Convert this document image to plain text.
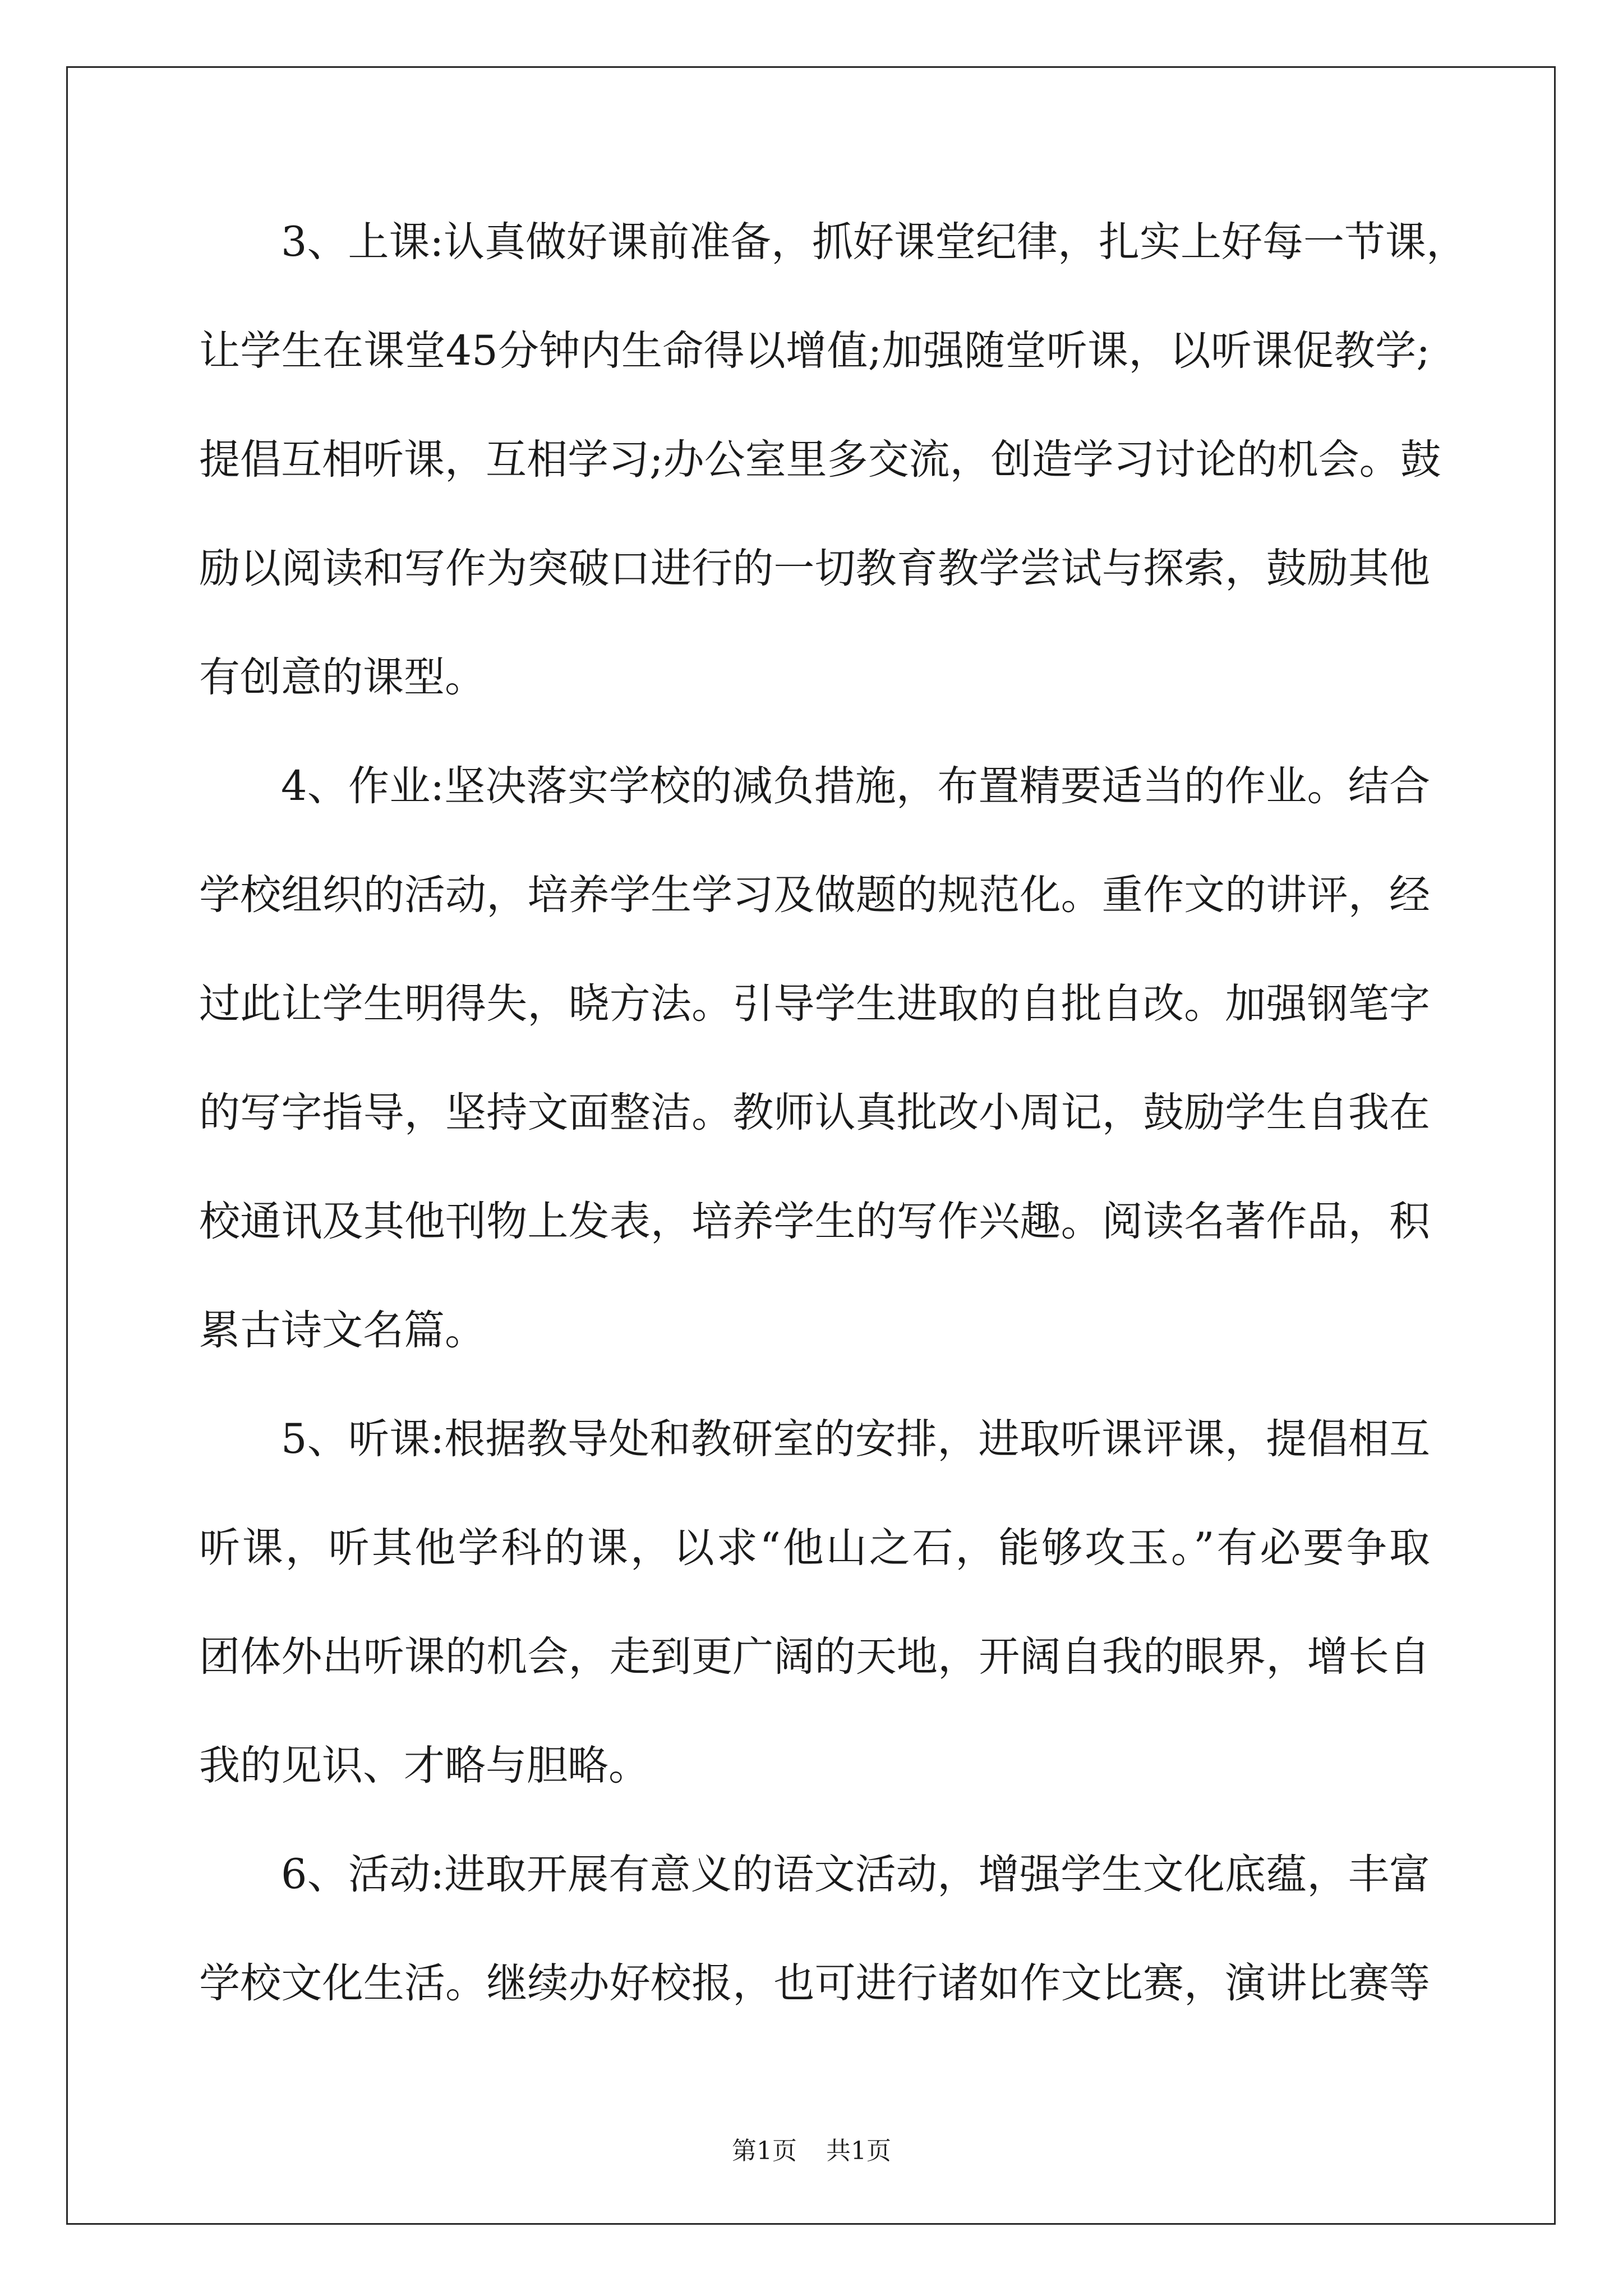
3、上课:认真做好课前准备，抓好课堂纪律，扎实上好每一节课，
让学生在课堂45分钟内生命得以增值;加强随堂听课，以听课促教学;
提倡互相听课，互相学习;办公室里多交流，创造学习讨论的机会。鼓
励以阅读和写作为突破口进行的一切教育教学尝试与探索，鼓励其他
有创意的课型。
4、作业:坚决落实学校的减负措施，布置精要适当的作业。结合
学校组织的活动，培养学生学习及做题的规范化。重作文的讲评，经
过此让学生明得失，晓方法。引导学生进取的自批自改。加强钢笔字
的写字指导，坚持文面整洁。教师认真批改小周记，鼓励学生自我在
校通讯及其他刊物上发表，培养学生的写作兴趣。阅读名著作品，积
累古诗文名篇。
5、听课:根据教导处和教研室的安排，进取听课评课，提倡相互
听课，听其他学科的课，以求“他山之石，能够攻玉。”有必要争取
团体外出听课的机会，走到更广阔的天地，开阔自我的眼界，增长自
我的见识、才略与胆略。
6、活动:进取开展有意义的语文活动，增强学生文化底蕴，丰富
学校文化生活。继续办好校报，也可进行诸如作文比赛，演讲比赛等
第1页 共1页
